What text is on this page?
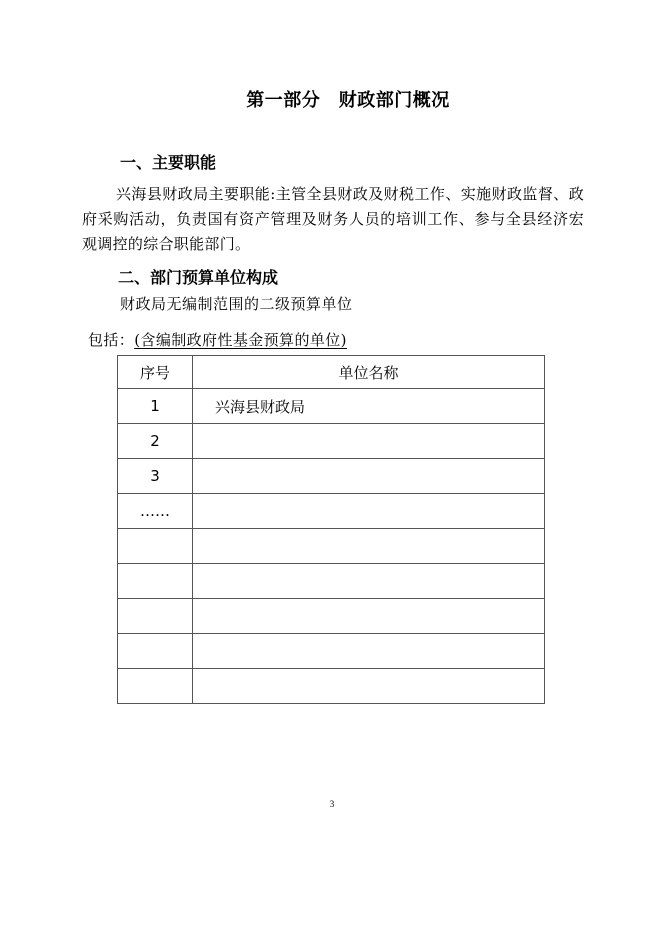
第一部分　财政部门概况
一、主要职能
兴海县财政局主要职能:主管全县财政及财税工作、实施财政监督、政府采购活动，负责国有资产管理及财务人员的培训工作、参与全县经济宏观调控的综合职能部门。
二、部门预算单位构成
财政局无编制范围的二级预算单位
包括：(含编制政府性基金预算的单位)
序号	单位名称
1	兴海县财政局
2	
3	
……	

3
